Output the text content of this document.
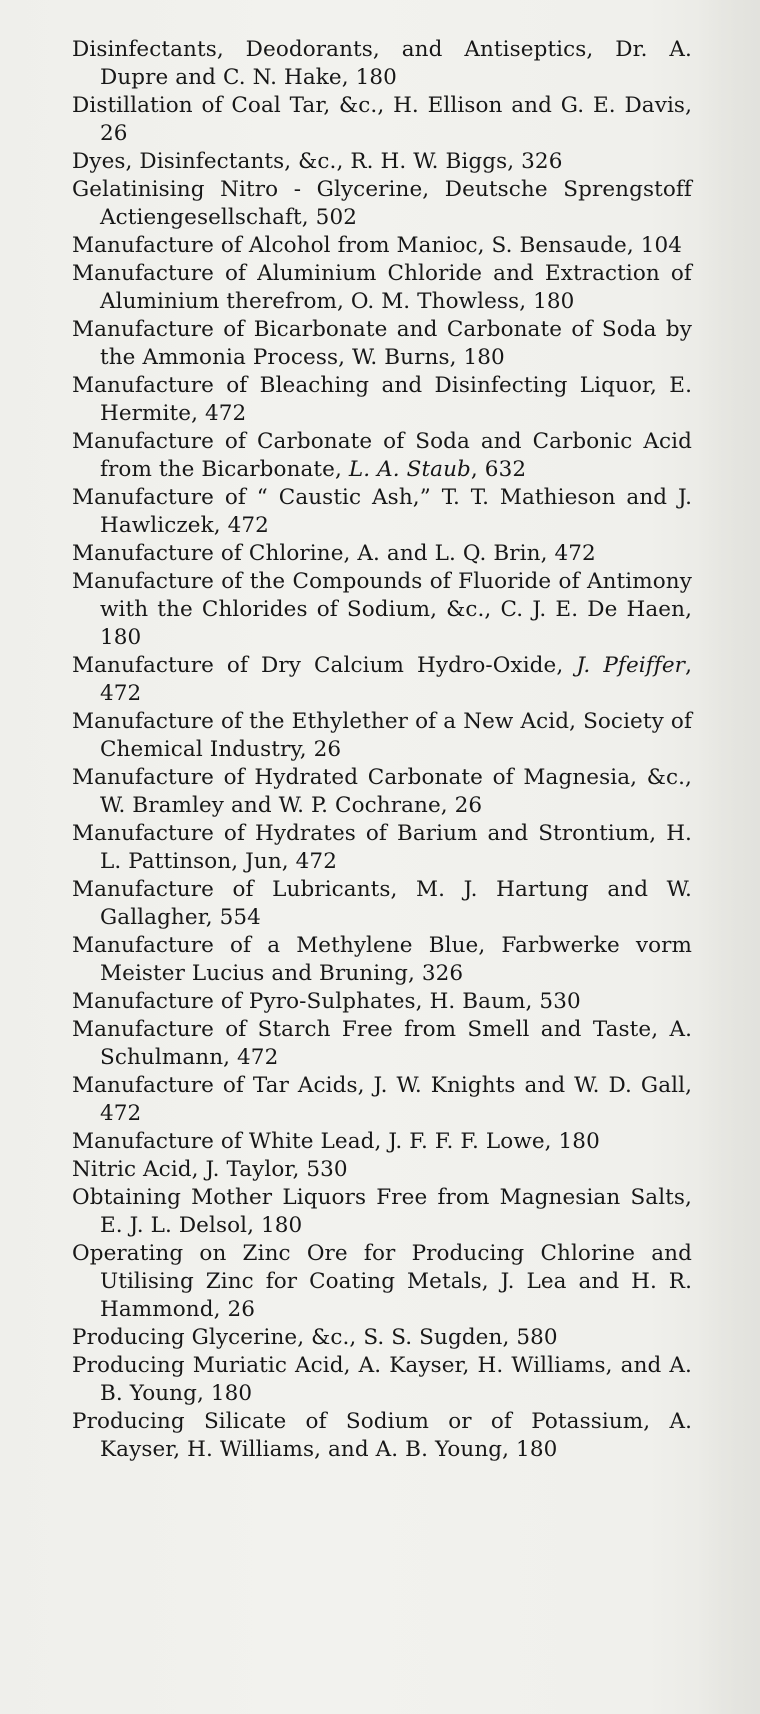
Disinfectants, Deodorants, and Antiseptics, Dr. A. Dupre and C. N. Hake, 180

Distillation of Coal Tar, &c., H. Ellison and G. E. Davis, 26

Dyes, Disinfectants, &c., R. H. W. Biggs, 326

Gelatinising Nitro - Glycerine, Deutsche Sprengstoff Actiengesellschaft, 502

Manufacture of Alcohol from Manioc, S. Bensaude, 104

Manufacture of Aluminium Chloride and Extraction of Aluminium therefrom, O. M. Thowless, 180

Manufacture of Bicarbonate and Carbonate of Soda by the Ammonia Process, W. Burns, 180

Manufacture of Bleaching and Disinfecting Liquor, E. Hermite, 472

Manufacture of Carbonate of Soda and Carbonic Acid from the Bicarbonate, L. A. Staub, 632

Manufacture of “ Caustic Ash,” T. T. Mathieson and J. Hawliczek, 472

Manufacture of Chlorine, A. and L. Q. Brin, 472

Manufacture of the Compounds of Fluoride of Antimony with the Chlorides of Sodium, &c., C. J. E. De Haen, 180

Manufacture of Dry Calcium Hydro-Oxide, J. Pfeiffer, 472

Manufacture of the Ethylether of a New Acid, Society of Chemical Industry, 26

Manufacture of Hydrated Carbonate of Magnesia, &c., W. Bramley and W. P. Cochrane, 26

Manufacture of Hydrates of Barium and Strontium, H. L. Pattinson, Jun, 472

Manufacture of Lubricants, M. J. Hartung and W. Gallagher, 554

Manufacture of a Methylene Blue, Farbwerke vorm Meister Lucius and Bruning, 326

Manufacture of Pyro-Sulphates, H. Baum, 530

Manufacture of Starch Free from Smell and Taste, A. Schulmann, 472

Manufacture of Tar Acids, J. W. Knights and W. D. Gall, 472

Manufacture of White Lead, J. F. F. F. Lowe, 180

Nitric Acid, J. Taylor, 530

Obtaining Mother Liquors Free from Magnesian Salts, E. J. L. Delsol, 180

Operating on Zinc Ore for Producing Chlorine and Utilising Zinc for Coating Metals, J. Lea and H. R. Hammond, 26

Producing Glycerine, &c., S. S. Sugden, 580

Producing Muriatic Acid, A. Kayser, H. Williams, and A. B. Young, 180

Producing Silicate of Sodium or of Potassium, A. Kayser, H. Williams, and A. B. Young, 180
